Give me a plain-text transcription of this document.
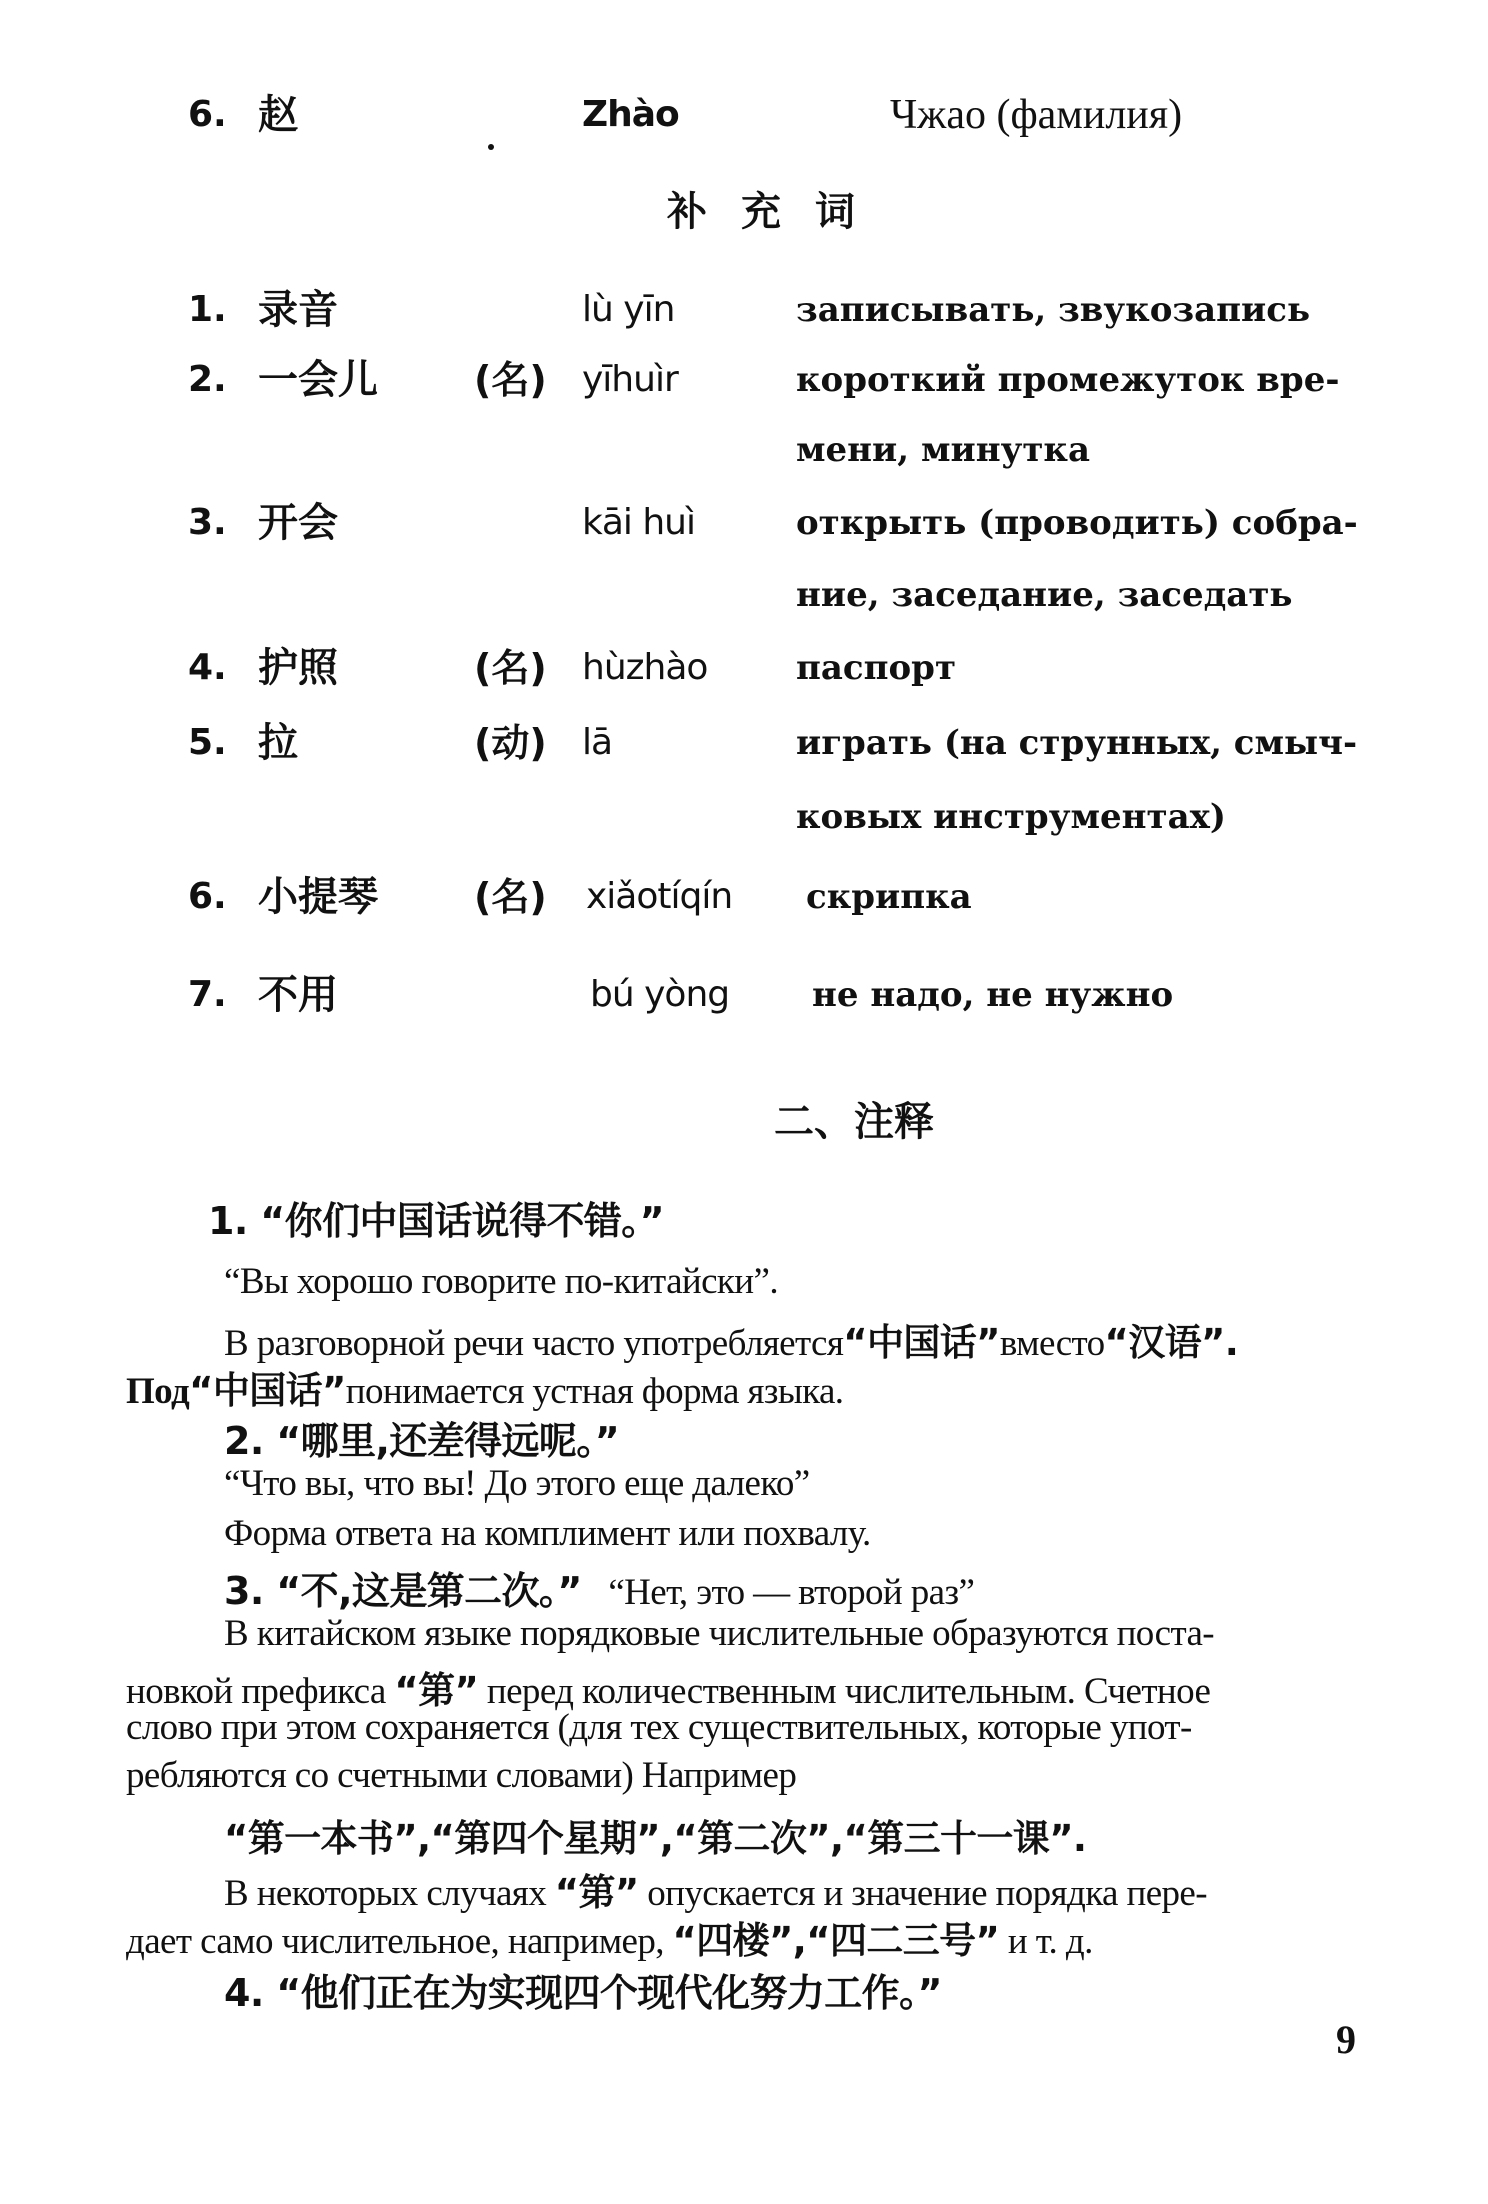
6. 赵	Zhào	Чжао (фамилия)
补充词
1. 录音	lù yīn	записывать, звукозапись
2. 一会儿	(名) yīhuìr	короткий промежуток вре-
мени, минутка
3. 开会	kāi huì	открыть (проводить) собра-
ние, заседание, заседать
4. 护照	(名) hùzhào	паспорт
5. 拉	(动) lā	играть (на струнных, смыч-
ковых инструментах)
6. 小提琴	(名) xiǎotíqín скрипка
7. 不用	bú yòng не надо, не нужно
二、注释
1. “你们中国话说得不错。”
“Вы хорошо говорите по-китайски”.
В разговорной речи часто употребляется“中国话”вместо“汉语”.
Под“中国话”понимается устная форма языка.
2. “哪里,还差得远呢。”
“Что вы, что вы! До этого еще далеко”
Форма ответа на комплимент или похвалу.
3. “不,这是第二次。” “Нет, это — второй раз”
В китайском языке порядковые числительные образуются поста-
новкой префикса “第” перед количественным числительным. Счетное
слово при этом сохраняется (для тех существительных, которые упот-
ребляются со счетными словами) Например
“第一本书”,“第四个星期”,“第二次”,“第三十一课”.
В некоторых случаях “第” опускается и значение порядка пере-
дает само числительное, например, “四楼”,“四二三号” и т. д.
4. “他们正在为实现四个现代化努力工作。”
9
